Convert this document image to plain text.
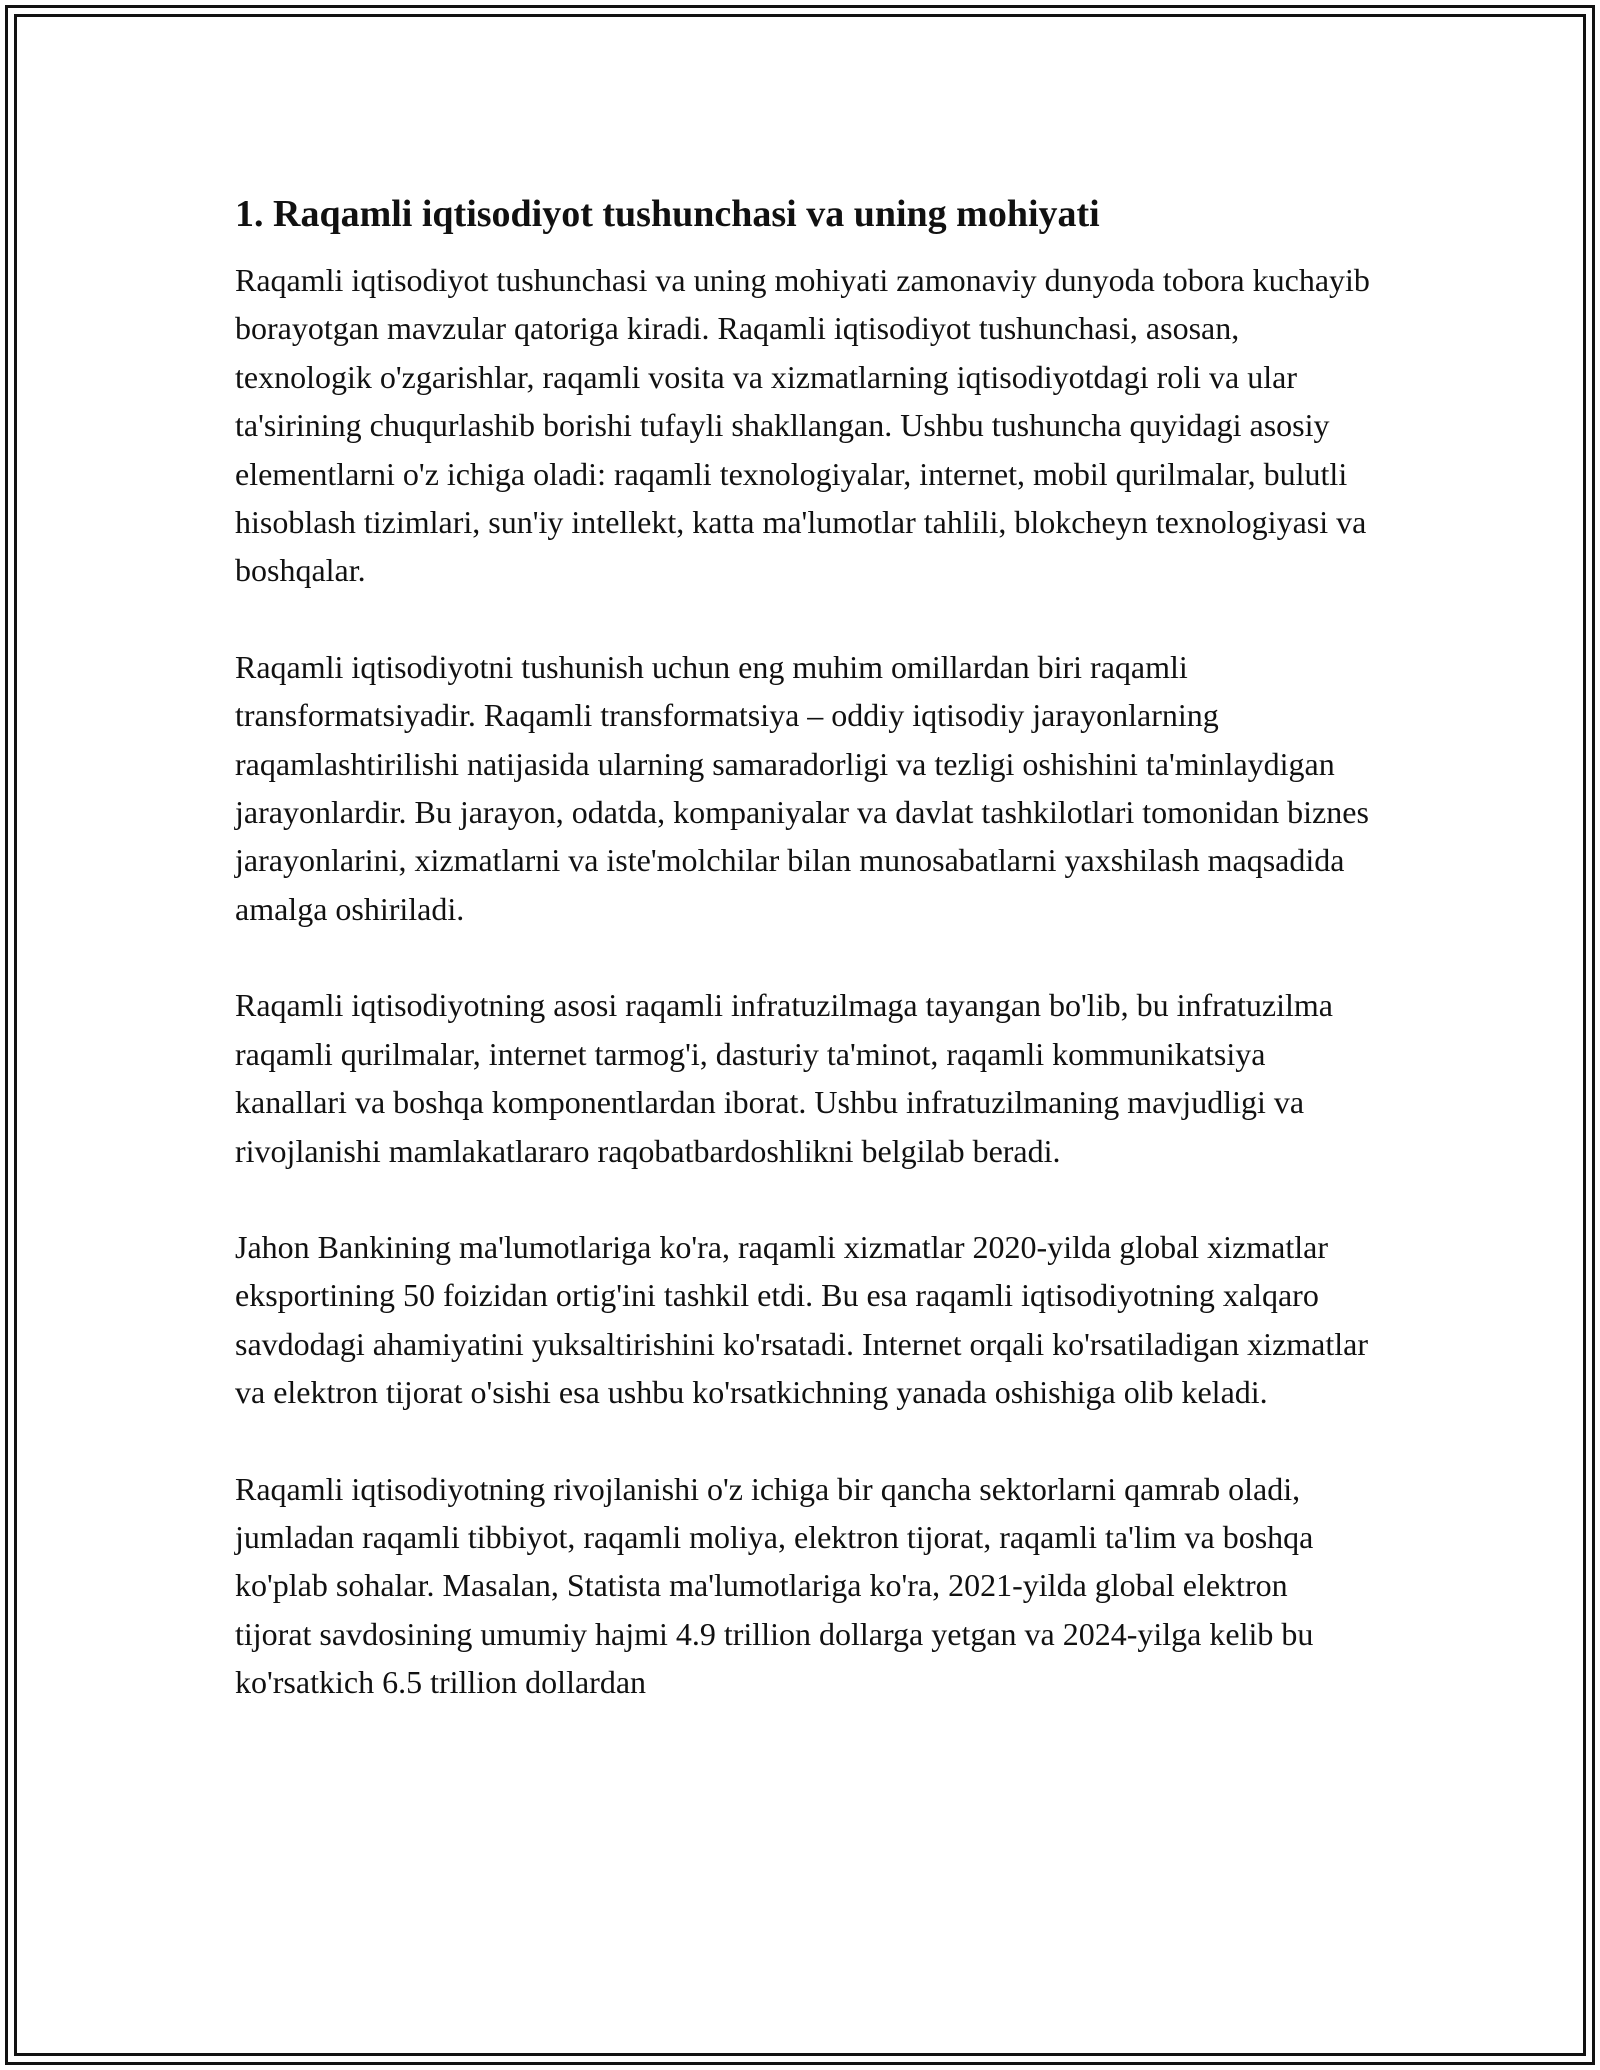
1. Raqamli iqtisodiyot tushunchasi va uning mohiyati

Raqamli iqtisodiyot tushunchasi va uning mohiyati zamonaviy dunyoda tobora kuchayib borayotgan mavzular qatoriga kiradi. Raqamli iqtisodiyot tushunchasi, asosan, texnologik o'zgarishlar, raqamli vosita va xizmatlarning iqtisodiyotdagi roli va ular ta'sirining chuqurlashib borishi tufayli shakllangan. Ushbu tushuncha quyidagi asosiy elementlarni o'z ichiga oladi: raqamli texnologiyalar, internet, mobil qurilmalar, bulutli hisoblash tizimlari, sun'iy intellekt, katta ma'lumotlar tahlili, blokcheyn texnologiyasi va boshqalar.

Raqamli iqtisodiyotni tushunish uchun eng muhim omillardan biri raqamli transformatsiyadir. Raqamli transformatsiya – oddiy iqtisodiy jarayonlarning raqamlashtirilishi natijasida ularning samaradorligi va tezligi oshishini ta'minlaydigan jarayonlardir. Bu jarayon, odatda, kompaniyalar va davlat tashkilotlari tomonidan biznes jarayonlarini, xizmatlarni va iste'molchilar bilan munosabatlarni yaxshilash maqsadida amalga oshiriladi.

Raqamli iqtisodiyotning asosi raqamli infratuzilmaga tayangan bo'lib, bu infratuzilma raqamli qurilmalar, internet tarmog'i, dasturiy ta'minot, raqamli kommunikatsiya kanallari va boshqa komponentlardan iborat. Ushbu infratuzilmaning mavjudligi va rivojlanishi mamlakatlararo raqobatbardoshlikni belgilab beradi.

Jahon Bankining ma'lumotlariga ko'ra, raqamli xizmatlar 2020-yilda global xizmatlar eksportining 50 foizidan ortig'ini tashkil etdi. Bu esa raqamli iqtisodiyotning xalqaro savdodagi ahamiyatini yuksaltirishini ko'rsatadi. Internet orqali ko'rsatiladigan xizmatlar va elektron tijorat o'sishi esa ushbu ko'rsatkichning yanada oshishiga olib keladi.

Raqamli iqtisodiyotning rivojlanishi o'z ichiga bir qancha sektorlarni qamrab oladi, jumladan raqamli tibbiyot, raqamli moliya, elektron tijorat, raqamli ta'lim va boshqa ko'plab sohalar. Masalan, Statista ma'lumotlariga ko'ra, 2021-yilda global elektron tijorat savdosining umumiy hajmi 4.9 trillion dollarga yetgan va 2024-yilga kelib bu ko'rsatkich 6.5 trillion dollardan
